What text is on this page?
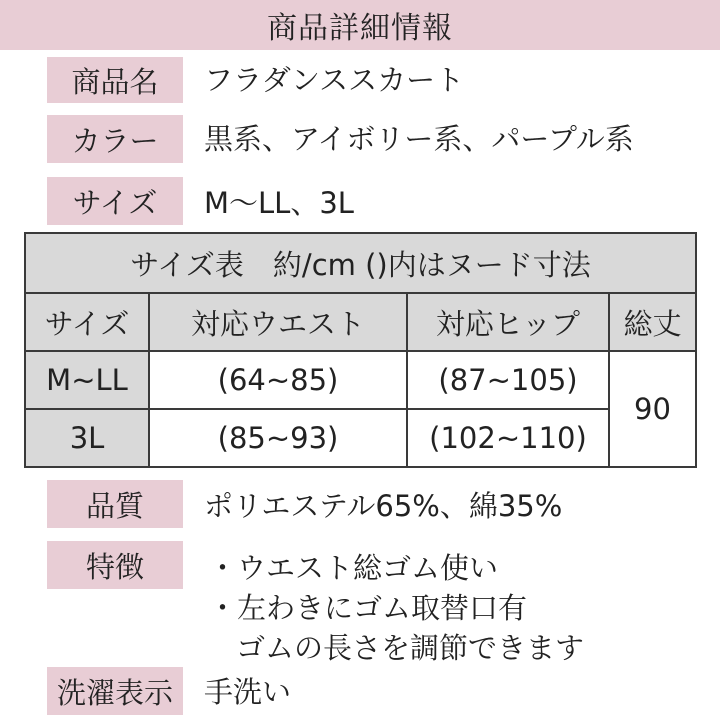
商品詳細情報
商品名	フラダンススカート
カラー	黒系、アイボリー系、パープル系
サイズ	M〜LL、3L
サイズ表　約/cm ()内はヌード寸法			
サイズ	対応ウエスト	対応ヒップ	総丈
M~LL	(64~85)	(87~105)	90
3L	(85~93)	(102~110)	
品質	ポリエステル65%、綿35%
特徴	・ウエスト総ゴム使い
・左わきにゴム取替口有
ゴムの長さを調節できます
洗濯表示	手洗い
